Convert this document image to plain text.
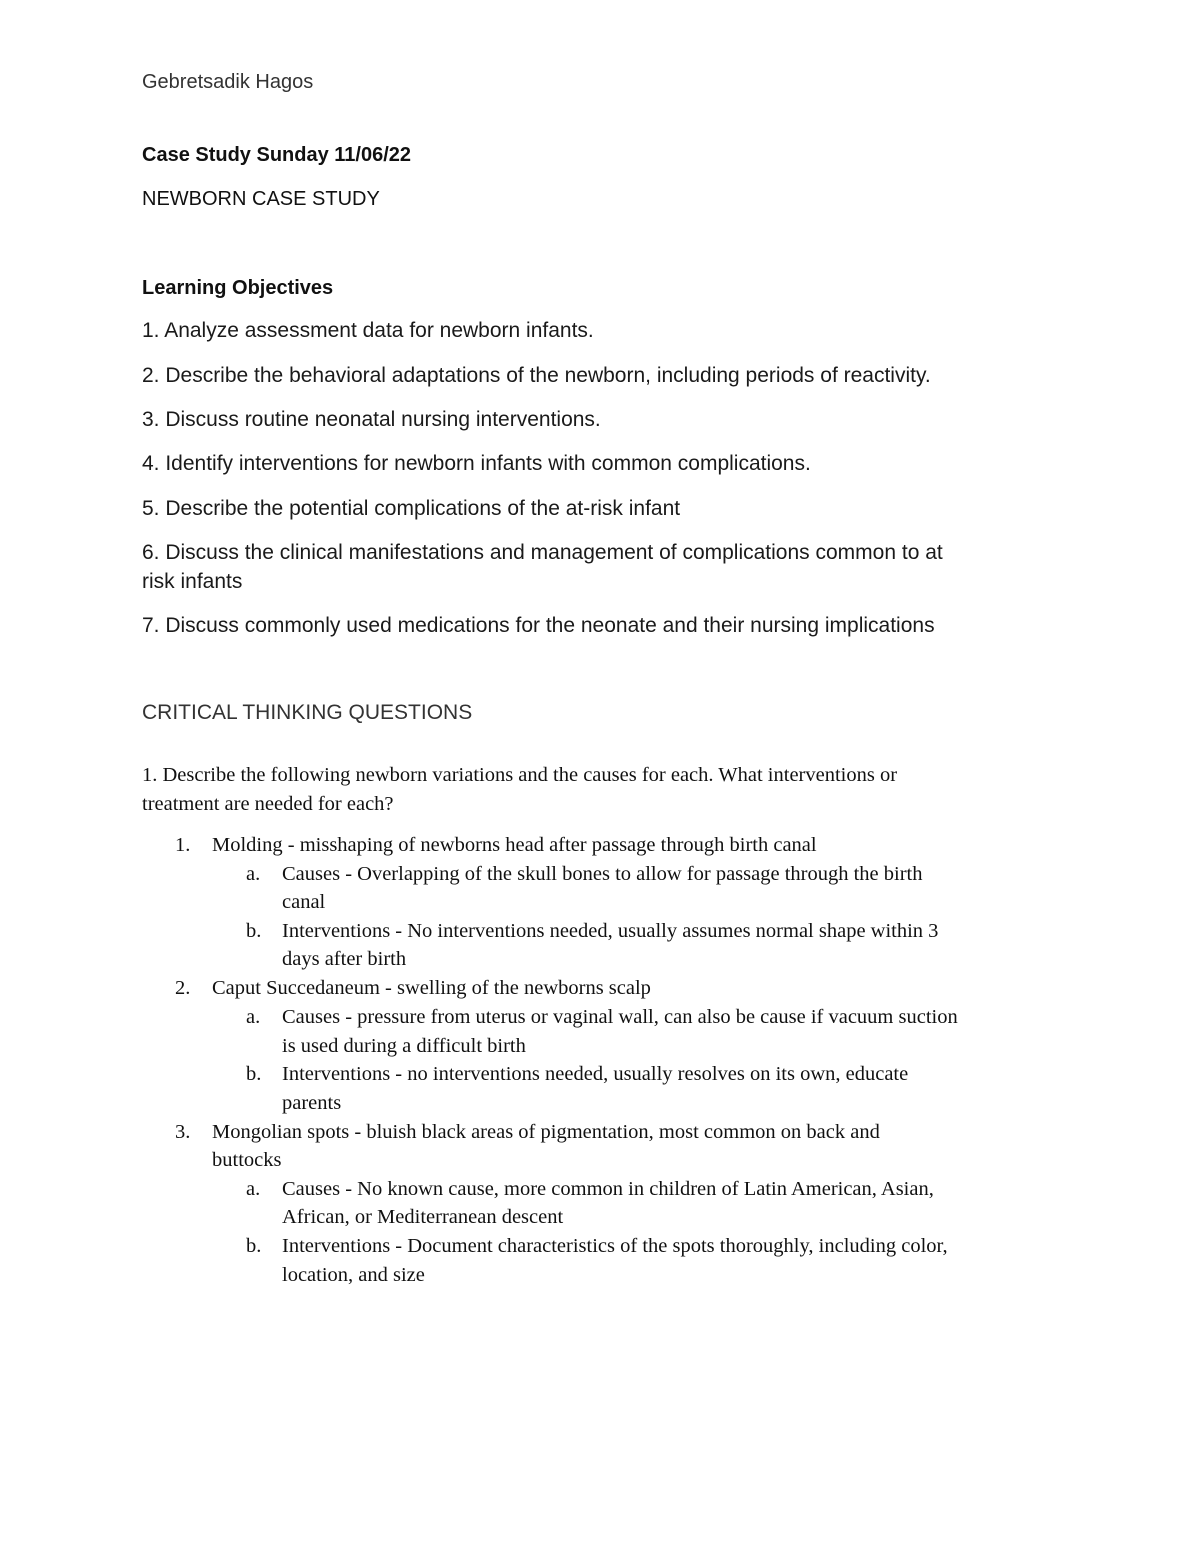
Gebretsadik Hagos
Case Study Sunday 11/06/22
NEWBORN CASE STUDY
Learning Objectives
1. Analyze assessment data for newborn infants.
2. Describe the behavioral adaptations of the newborn, including periods of reactivity.
3. Discuss routine neonatal nursing interventions.
4. Identify interventions for newborn infants with common complications.
5. Describe the potential complications of the at-risk infant
6. Discuss the clinical manifestations and management of complications common to at
risk infants
7. Discuss commonly used medications for the neonate and their nursing implications
CRITICAL THINKING QUESTIONS
1. Describe the following newborn variations and the causes for each. What interventions or
treatment are needed for each?
1. Molding - misshaping of newborns head after passage through birth canal
a. Causes - Overlapping of the skull bones to allow for passage through the birth
canal
b. Interventions - No interventions needed, usually assumes normal shape within 3
days after birth
2. Caput Succedaneum - swelling of the newborns scalp
a. Causes - pressure from uterus or vaginal wall, can also be cause if vacuum suction
is used during a difficult birth
b. Interventions - no interventions needed, usually resolves on its own, educate
parents
3. Mongolian spots - bluish black areas of pigmentation, most common on back and
buttocks
a. Causes - No known cause, more common in children of Latin American, Asian,
African, or Mediterranean descent
b. Interventions - Document characteristics of the spots thoroughly, including color,
location, and size
